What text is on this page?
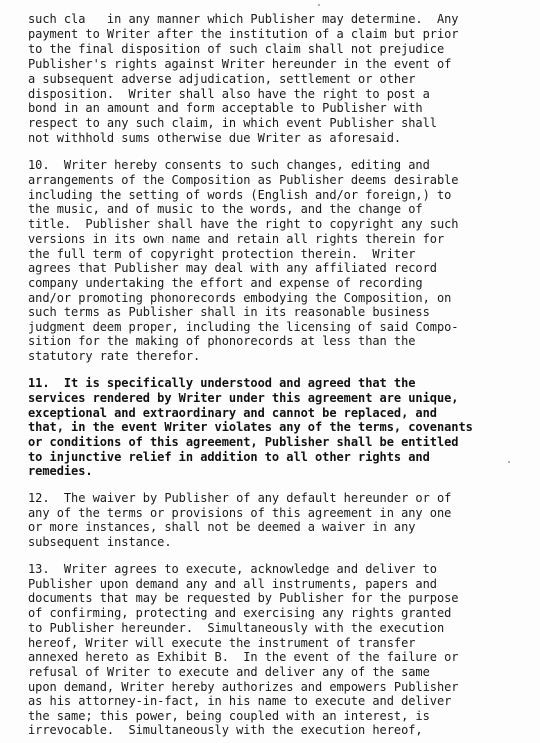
such cla   in any manner which Publisher may determine.  Any
payment to Writer after the institution of a claim but prior
to the final disposition of such claim shall not prejudice
Publisher's rights against Writer hereunder in the event of
a subsequent adverse adjudication, settlement or other
disposition.  Writer shall also have the right to post a
bond in an amount and form acceptable to Publisher with
respect to any such claim, in which event Publisher shall
not withhold sums otherwise due Writer as aforesaid.
10.  Writer hereby consents to such changes, editing and
arrangements of the Composition as Publisher deems desirable
including the setting of words (English and/or foreign,) to
the music, and of music to the words, and the change of
title.  Publisher shall have the right to copyright any such
versions in its own name and retain all rights therein for
the full term of copyright protection therein.  Writer
agrees that Publisher may deal with any affiliated record
company undertaking the effort and expense of recording
and/or promoting phonorecords embodying the Composition, on
such terms as Publisher shall in its reasonable business
judgment deem proper, including the licensing of said Compo-
sition for the making of phonorecords at less than the
statutory rate therefor.
11.  It is specifically understood and agreed that the
services rendered by Writer under this agreement are unique,
exceptional and extraordinary and cannot be replaced, and
that, in the event Writer violates any of the terms, covenants
or conditions of this agreement, Publisher shall be entitled
to injunctive relief in addition to all other rights and
remedies.
12.  The waiver by Publisher of any default hereunder or of
any of the terms or provisions of this agreement in any one
or more instances, shall not be deemed a waiver in any
subsequent instance.
13.  Writer agrees to execute, acknowledge and deliver to
Publisher upon demand any and all instruments, papers and
documents that may be requested by Publisher for the purpose
of confirming, protecting and exercising any rights granted
to Publisher hereunder.  Simultaneously with the execution
hereof, Writer will execute the instrument of transfer
annexed hereto as Exhibit B.  In the event of the failure or
refusal of Writer to execute and deliver any of the same
upon demand, Writer hereby authorizes and empowers Publisher
as his attorney-in-fact, in his name to execute and deliver
the same; this power, being coupled with an interest, is
irrevocable.  Simultaneously with the execution hereof,
